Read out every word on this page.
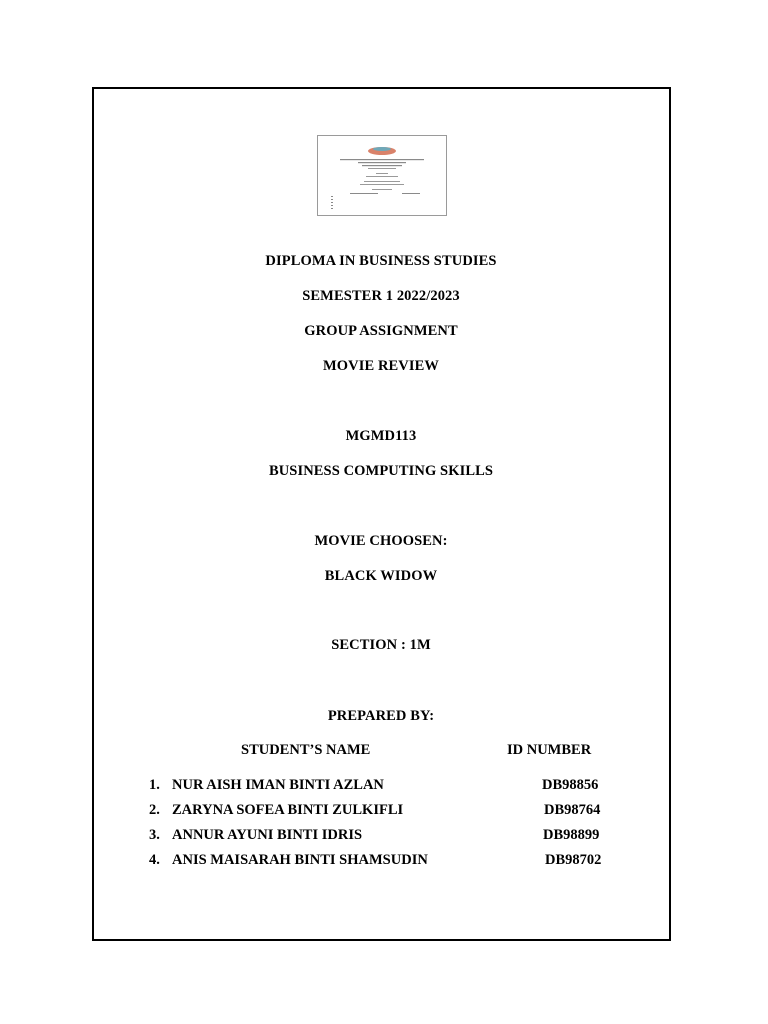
DIPLOMA IN BUSINESS STUDIES
SEMESTER 1 2022/2023
GROUP ASSIGNMENT
MOVIE REVIEW
MGMD113
BUSINESS COMPUTING SKILLS
MOVIE CHOOSEN:
BLACK WIDOW
SECTION : 1M
PREPARED BY:
STUDENT’S NAME	ID NUMBER
1. NUR AISH IMAN BINTI AZLAN	DB98856
2. ZARYNA SOFEA BINTI ZULKIFLI	DB98764
3. ANNUR AYUNI BINTI IDRIS	DB98899
4. ANIS MAISARAH BINTI SHAMSUDIN	DB98702
